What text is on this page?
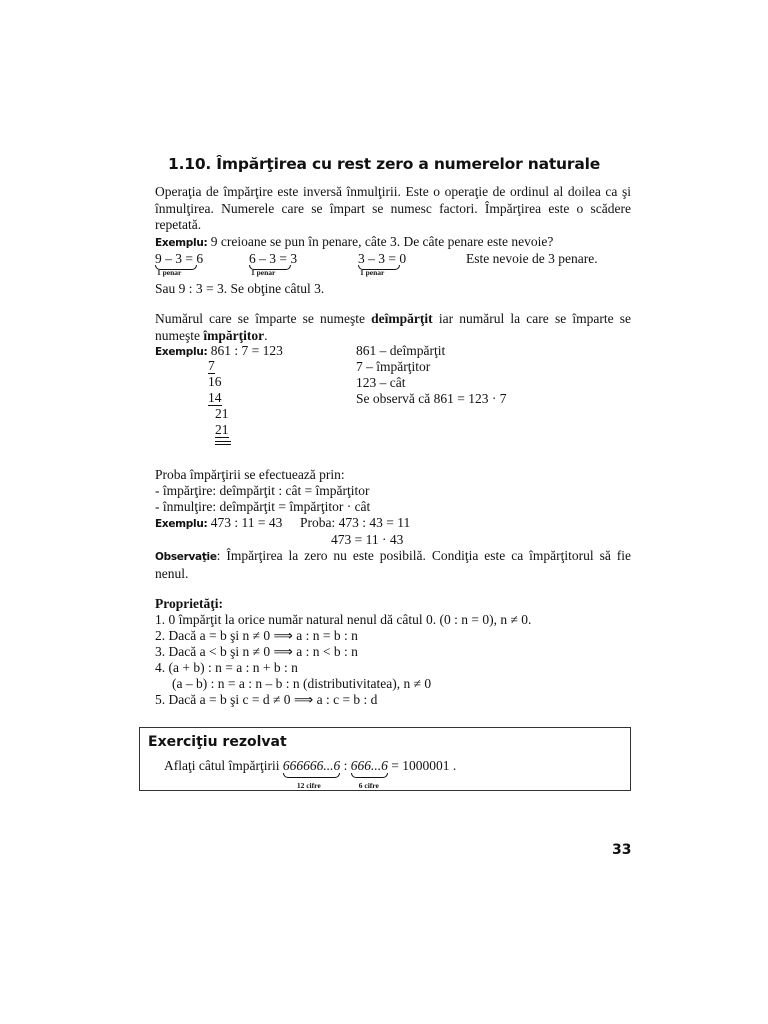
1.10. Împărţirea cu rest zero a numerelor naturale
Operaţia de împărţire este inversă înmulţirii. Este o operaţie de ordinul al doilea ca şi înmulţirea. Numerele care se împart se numesc factori. Împărţirea este o scădere repetată.
Exemplu: 9 creioane se pun în penare, câte 3. De câte penare este nevoie?
9 – 3 = 6
1 penar
6 – 3 = 3
1 penar
3 – 3 = 0
1 penar
Este nevoie de 3 penare.
Sau 9 : 3 = 3. Se obţine câtul 3.
Numărul care se împarte se numeşte deîmpărţit iar numărul la care se împarte se numeşte împărţitor.
Exemplu: 861 : 7 = 123
7
16
14
21
21
861 – deîmpărţit
7 – împărţitor
123 – cât
Se observă că 861 = 123 · 7
Proba împărţirii se efectuează prin:
- împărţire: deîmpărţit : cât = împărţitor
- înmulţire: deîmpărţit = împărţitor · cât
Exemplu: 473 : 11 = 43 Proba: 473 : 43 = 11
473 = 11 · 43
Observaţie: Împărţirea la zero nu este posibilă. Condiţia este ca împărţitorul să fie nenul.
Proprietăţi:
1. 0 împărţit la orice număr natural nenul dă câtul 0. (0 : n = 0), n ≠ 0.
2. Dacă a = b şi n ≠ 0 ⟹ a : n = b : n
3. Dacă a < b şi n ≠ 0 ⟹ a : n < b : n
4. (a + b) : n = a : n + b : n
(a – b) : n = a : n – b : n (distributivitatea), n ≠ 0
5. Dacă a = b şi c = d ≠ 0 ⟹ a : c = b : d
Exerciţiu rezolvat
Aflaţi câtul împărţirii 666666...6
12 cifre
: 666...6
6 cifre
= 1000001 .
33
